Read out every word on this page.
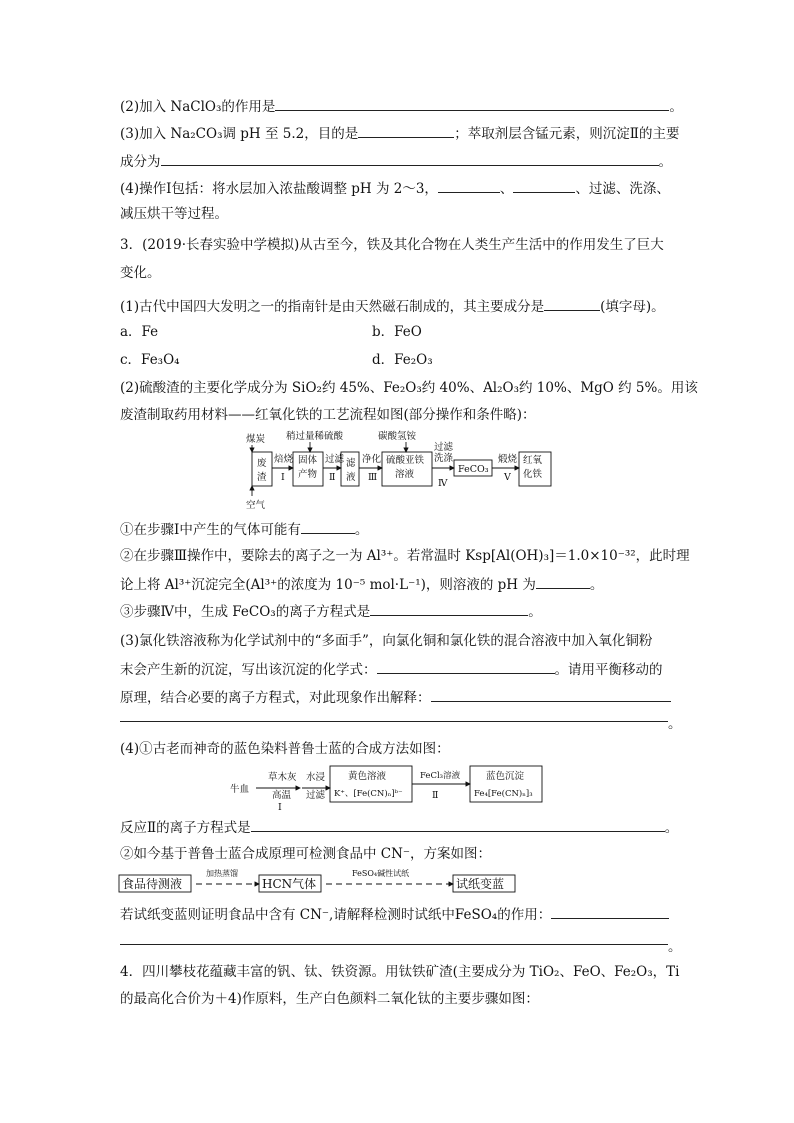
(2)加入 NaClO₃的作用是	。
(3)加入 Na₂CO₃调 pH 至 5.2，目的是	；萃取剂层含锰元素，则沉淀Ⅱ的主要
成分为	。
(4)操作Ⅰ包括：将水层加入浓盐酸调整 pH 为 2～3，	、	、过滤、洗涤、
减压烘干等过程。
3．(2019·长春实验中学模拟)从古至今，铁及其化合物在人类生产生活中的作用发生了巨大
变化。
(1)古代中国四大发明之一的指南针是由天然磁石制成的，其主要成分是	(填字母)。
a．Fe	b．FeO
c．Fe₃O₄	d．Fe₂O₃
(2)硫酸渣的主要化学成分为 SiO₂约 45%、Fe₂O₃约 40%、Al₂O₃约 10%、MgO 约 5%。用该
废渣制取药用材料——红氧化铁的工艺流程如图(部分操作和条件略)：
煤炭 稍过量稀硫酸	碳酸氢铵
空气
废
渣
焙烧
Ⅰ
固体
产物
过滤
Ⅱ
滤
液
净化
Ⅲ
硫酸亚铁
溶液
过滤
洗涤
Ⅳ
FeCO₃
煅烧
Ⅴ
红氧
化铁
①在步骤Ⅰ中产生的气体可能有	。
②在步骤Ⅲ操作中，要除去的离子之一为 Al³⁺。若常温时 Ksp[Al(OH)₃]＝1.0×10⁻³²，此时理
论上将 Al³⁺沉淀完全(Al³⁺的浓度为 10⁻⁵ mol·L⁻¹)，则溶液的 pH 为	。
③步骤Ⅳ中，生成 FeCO₃的离子方程式是	。
(3)氯化铁溶液称为化学试剂中的“多面手”，向氯化铜和氯化铁的混合溶液中加入氧化铜粉
末会产生新的沉淀，写出该沉淀的化学式：	。请用平衡移动的
原理，结合必要的离子方程式，对此现象作出解释：
。
(4)①古老而神奇的蓝色染料普鲁士蓝的合成方法如图：
牛血
草木灰
高温
Ⅰ
水浸
过滤
黄色溶液
K⁺、[Fe(CN)ₙ]ᵇ⁻
FeCl₃溶液
Ⅱ
蓝色沉淀
Fe₄[Fe(CN)ₙ]₃
反应Ⅱ的离子方程式是	。
②如今基于普鲁士蓝合成原理可检测食品中 CN⁻，方案如图：
食品待测液
加热蒸馏
HCN气体
FeSO₄碱性试纸
试纸变蓝
若试纸变蓝则证明食品中含有 CN⁻,请解释检测时试纸中FeSO₄的作用：
。
4．四川攀枝花蕴藏丰富的钒、钛、铁资源。用钛铁矿渣(主要成分为 TiO₂、FeO、Fe₂O₃，Ti
的最高化合价为＋4)作原料，生产白色颜料二氧化钛的主要步骤如图：
